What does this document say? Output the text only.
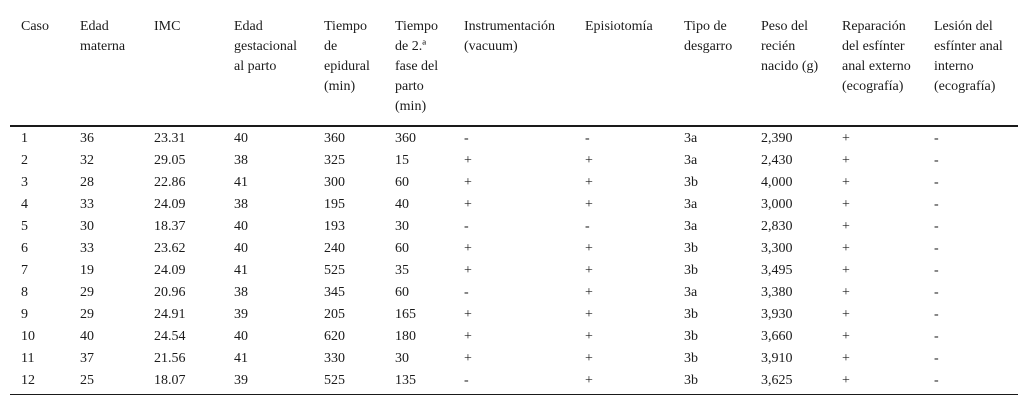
Caso	Edad materna	IMC	Edad gestacional al parto	Tiempo de epidural (min)	Tiempo de 2.ª fase del parto (min)	Instrumentación (vacuum)	Episiotomía	Tipo de desgarro	Peso del recién nacido (g)	Reparación del esfínter anal externo (ecografía)	Lesión del esfínter anal interno (ecografía)

1	36	23.31	40	360	360	-	-	3a	2,390	+	-
2	32	29.05	38	325	15	+	+	3a	2,430	+	-
3	28	22.86	41	300	60	+	+	3b	4,000	+	-
4	33	24.09	38	195	40	+	+	3a	3,000	+	-
5	30	18.37	40	193	30	-	-	3a	2,830	+	-
6	33	23.62	40	240	60	+	+	3b	3,300	+	-
7	19	24.09	41	525	35	+	+	3b	3,495	+	-
8	29	20.96	38	345	60	-	+	3a	3,380	+	-
9	29	24.91	39	205	165	+	+	3b	3,930	+	-
10	40	24.54	40	620	180	+	+	3b	3,660	+	-
11	37	21.56	41	330	30	+	+	3b	3,910	+	-
12	25	18.07	39	525	135	-	+	3b	3,625	+	-
